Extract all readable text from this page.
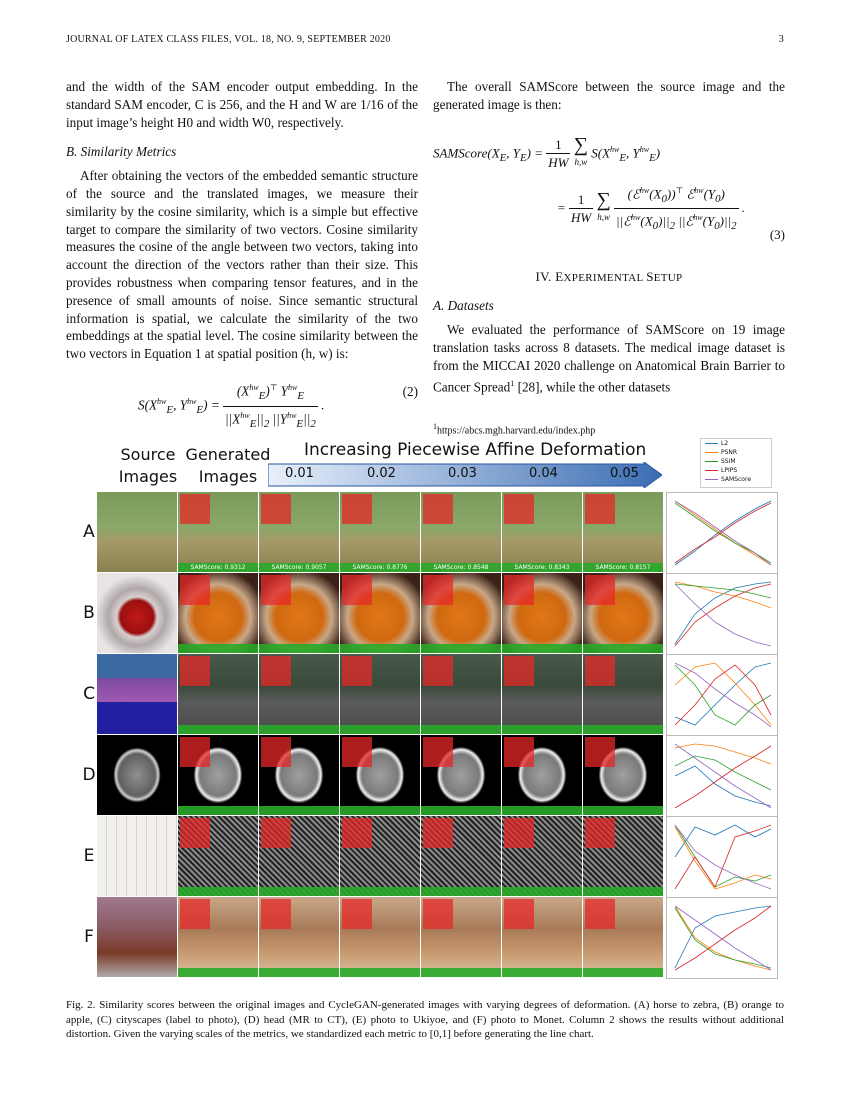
JOURNAL OF LATEX CLASS FILES, VOL. 18, NO. 9, SEPTEMBER 2020	3

and the width of the SAM encoder output embedding. In the standard SAM encoder, C is 256, and the H and W are 1/16 of the input image’s height H0 and width W0, respectively.

B. Similarity Metrics

After obtaining the vectors of the embedded semantic structure of the source and the translated images, we measure their similarity by the cosine similarity, which is a simple but effective target to compare the similarity of two vectors. Cosine similarity measures the cosine of the angle between two vectors, taking into account the direction of the vectors rather than their size. This provides robustness when comparing tensor features, and in the presence of small amounts of noise. Since semantic structural information is spatial, we calculate the similarity of the two embeddings at the spatial level. The cosine similarity between the two vectors in Equation 1 at spatial position (h, w) is:

$S(X^{hw}_E$, $Y^{hw}_E) = \frac{(X^{hw}_E)^⊤ Y^{hw}_E}{||X^{hw}_E||_2 ||Y^{hw}_E||_2}$ .
(2)

The overall SAMScore between the source image and the generated image is then:

$SAMScore(X_E$, $Y_E) = \frac{1}{HW}$
∑
h,w
$S(X^{hw}_E$, $Y^{hw}_E$)
= $\frac{1}{HW}$
∑
h,w
$\frac{(ℰ^{hw}(X_0))^⊤ ℰ^{hw}(Y_0)}{||ℰ^{hw}(X_0)||_2 ||ℰ^{hw}(Y_0)||_2}$ .
(3)
IV. EXPERIMENTAL SETUP

A. Datasets

We evaluated the performance of SAMScore on 19 image translation tasks across 8 datasets. The medical image dataset is from the MICCAI 2020 challenge on Anatomical Brain Barrier to Cancer Spread$^1$ [28], while the other datasets

$^1$https://abcs.mgh.harvard.edu/index.php
Source
Images
Generated
Images
Increasing Piecewise Affine Deformation
0.01	0.02	0.03	0.04	0.05
L2
PSNR
SSIM
LPIPS
SAMScore
A
B
C
D
E
F
SAMScore: 0.9312	SAMScore: 0.9057	SAMScore: 0.8776	SAMScore: 0.8548	SAMScore: 0.8343	SAMScore: 0.8157
Fig. 2. Similarity scores between the original images and CycleGAN-generated images with varying degrees of deformation. (A) horse to zebra, (B) orange to apple, (C) cityscapes (label to photo), (D) head (MR to CT), (E) photo to Ukiyoe, and (F) photo to Monet. Column 2 shows the results without additional distortion. Given the varying scales of the metrics, we standardized each metric to [0,1] before generating the line chart.
